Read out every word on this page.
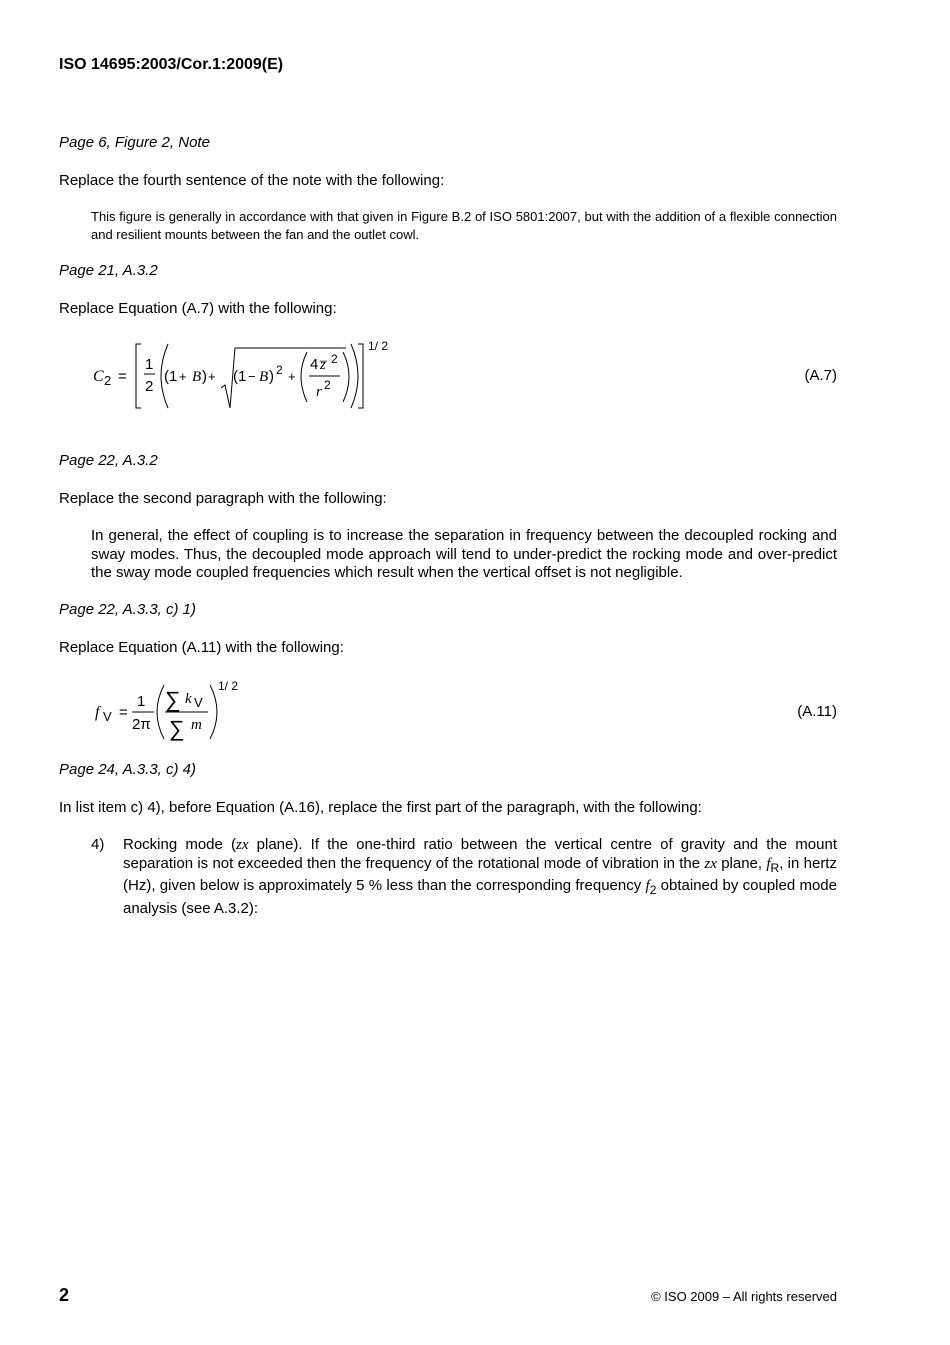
ISO 14695:2003/Cor.1:2009(E)
Page 6, Figure 2, Note
Replace the fourth sentence of the note with the following:
This figure is generally in accordance with that given in Figure B.2 of ISO 5801:2007, but with the addition of a flexible connection and resilient mounts between the fan and the outlet cowl.
Page 21, A.3.2
Replace Equation (A.7) with the following:
C 2 =
1
2
(1 + B ) + (1 − B ) 2 +
4 z̅ 2
r 2
1/ 2
(A.7)
Page 22, A.3.2
Replace the second paragraph with the following:
In general, the effect of coupling is to increase the separation in frequency between the decoupled rocking and sway modes. Thus, the decoupled mode approach will tend to under-predict the rocking mode and over-predict the sway mode coupled frequencies which result when the vertical offset is not negligible.
Page 22, A.3.3, c) 1)
Replace Equation (A.11) with the following:
f V =
1
2π
∑ k V
∑ m
1/ 2
(A.11)
Page 24, A.3.3, c) 4)
In list item c) 4), before Equation (A.16), replace the first part of the paragraph, with the following:
4) Rocking mode (zx plane). If the one-third ratio between the vertical centre of gravity and the mount separation is not exceeded then the frequency of the rotational mode of vibration in the zx plane, $f_R$, in hertz (Hz), given below is approximately 5 % less than the corresponding frequency $f_2$ obtained by coupled mode analysis (see A.3.2):
2	© ISO 2009 – All rights reserved
